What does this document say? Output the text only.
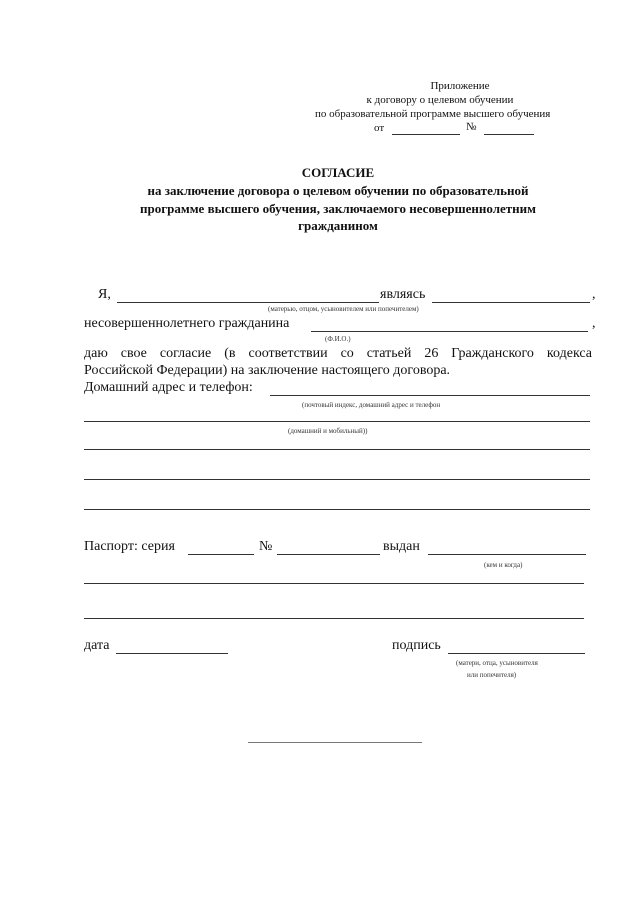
Приложение
к договору о целевом обучении
по образовательной программе высшего обучения
от	№
СОГЛАСИЕ
на заключение договора о целевом обучении по образовательной
программе высшего обучения, заключаемого несовершеннолетним
гражданином
Я,	являясь	,
(матерью, отцом, усыновителем или попечителем)
несовершеннолетнего гражданина	,
(Ф.И.О.)
даю свое согласие (в соответствии со статьей 26 Гражданского кодекса
Российской Федерации) на заключение настоящего договора.
Домашний адрес и телефон:
(почтовый индекс, домашний адрес и телефон
(домашний и мобильный))
Паспорт: серия	№	выдан
(кем и когда)
дата	подпись
(матери, отца, усыновителя
или попечителя)
